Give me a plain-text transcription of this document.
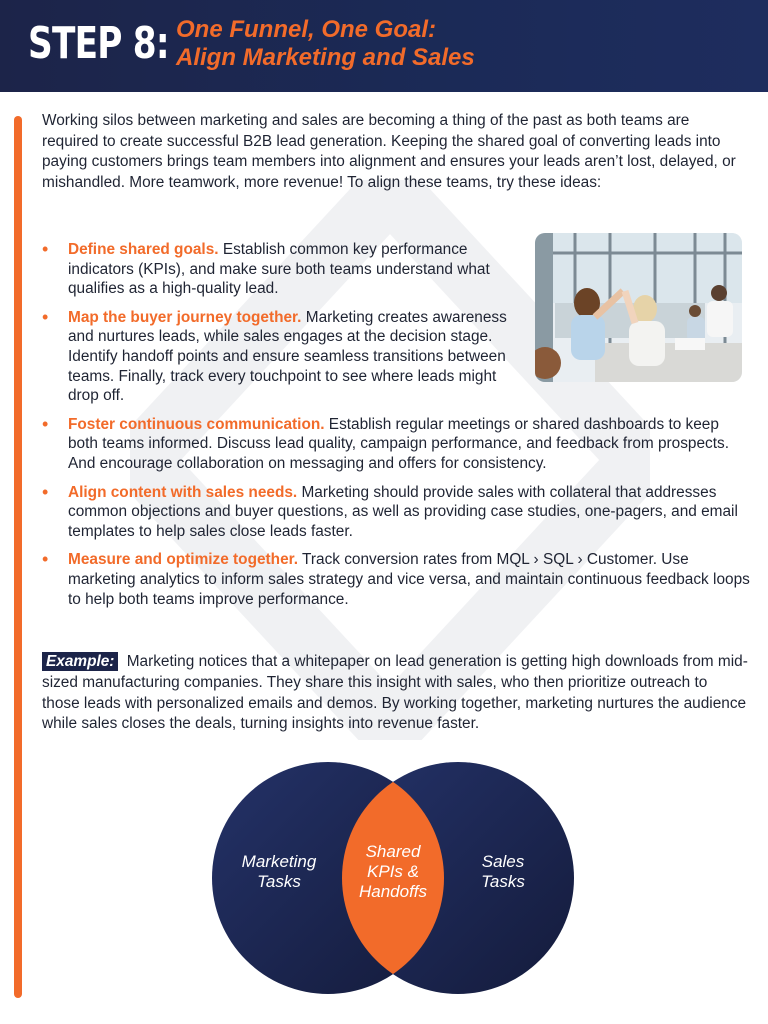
STEP 8: One Funnel, One Goal:
Align Marketing and Sales

Working silos between marketing and sales are becoming a thing of the past as both teams are required to create successful B2B lead generation. Keeping the shared goal of converting leads into paying customers brings team members into alignment and ensures your leads aren’t lost, delayed, or mishandled. More teamwork, more revenue! To align these teams, try these ideas:

• Define shared goals. Establish common key performance indicators (KPIs), and make sure both teams understand what qualifies as a high-quality lead.
• Map the buyer journey together. Marketing creates awareness and nurtures leads, while sales engages at the decision stage. Identify handoff points and ensure seamless transitions between teams. Finally, track every touchpoint to see where leads might drop off.
• Foster continuous communication. Establish regular meetings or shared dashboards to keep both teams informed. Discuss lead quality, campaign performance, and feedback from prospects. And encourage collaboration on messaging and offers for consistency.
• Align content with sales needs. Marketing should provide sales with collateral that addresses common objections and buyer questions, as well as providing case studies, one-pagers, and email templates to help sales close leads faster.
• Measure and optimize together. Track conversion rates from MQL › SQL › Customer. Use marketing analytics to inform sales strategy and vice versa, and maintain continuous feedback loops to help both teams improve performance.

Example: Marketing notices that a whitepaper on lead generation is getting high downloads from mid-sized manufacturing companies. They share this insight with sales, who then prioritize outreach to those leads with personalized emails and demos. By working together, marketing nurtures the audience while sales closes the deals, turning insights into revenue faster.

Marketing
Tasks
Sales
Tasks
Shared
KPIs &
Handoffs
